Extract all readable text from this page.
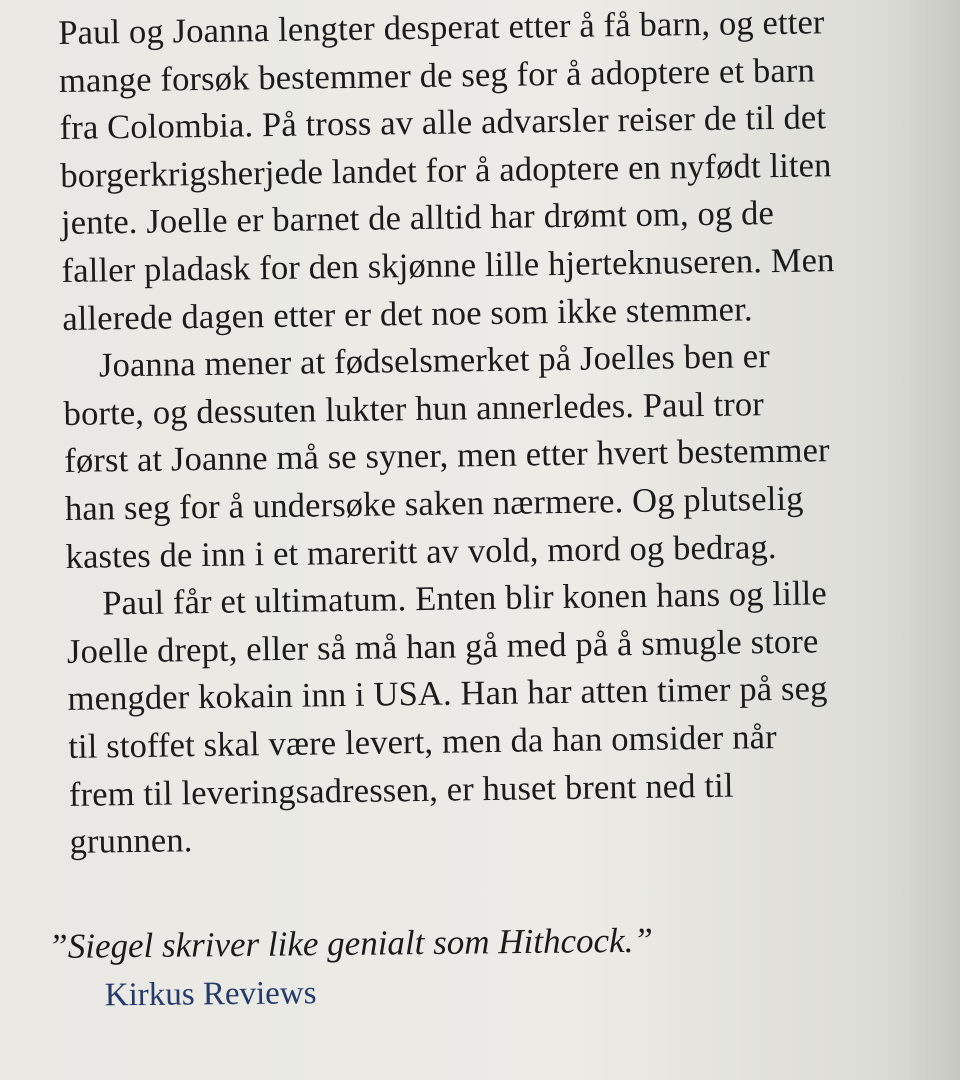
Paul og Joanna lengter desperat etter å få barn, og etter
mange forsøk bestemmer de seg for å adoptere et barn
fra Colombia. På tross av alle advarsler reiser de til det
borgerkrigsherjede landet for å adoptere en nyfødt liten
jente. Joelle er barnet de alltid har drømt om, og de
faller pladask for den skjønne lille hjerteknuseren. Men
allerede dagen etter er det noe som ikke stemmer.

Joanna mener at fødselsmerket på Joelles ben er
borte, og dessuten lukter hun annerledes. Paul tror
først at Joanne må se syner, men etter hvert bestemmer
han seg for å undersøke saken nærmere. Og plutselig
kastes de inn i et mareritt av vold, mord og bedrag.

Paul får et ultimatum. Enten blir konen hans og lille
Joelle drept, eller så må han gå med på å smugle store
mengder kokain inn i USA. Han har atten timer på seg
til stoffet skal være levert, men da han omsider når
frem til leveringsadressen, er huset brent ned til
grunnen.

”Siegel skriver like genialt som Hithcock.”
Kirkus Reviews
